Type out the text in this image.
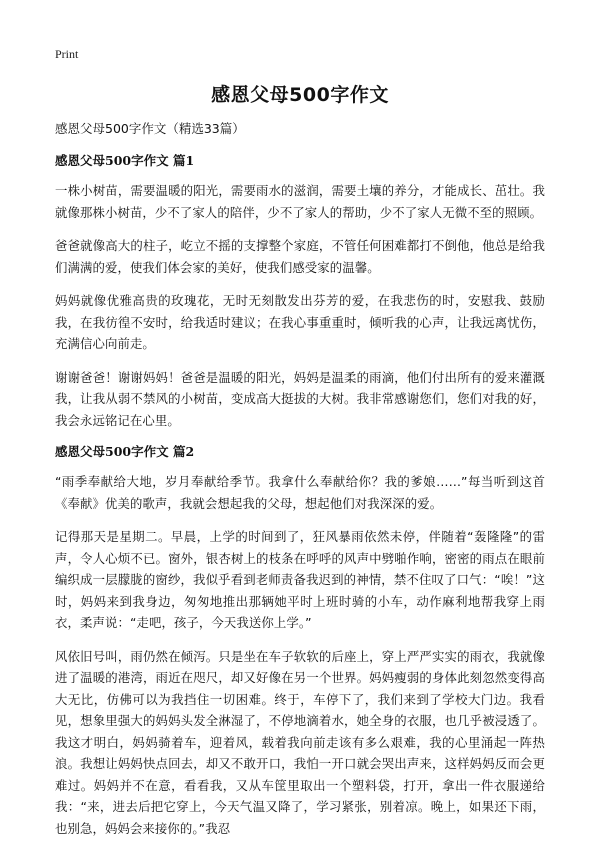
Print
感恩父母500字作文

感恩父母500字作文（精选33篇）

感恩父母500字作文 篇1

一株小树苗，需要温暖的阳光，需要雨水的滋润，需要土壤的养分，才能成长、茁壮。我就像那株小树苗，少不了家人的陪伴，少不了家人的帮助，少不了家人无微不至的照顾。

爸爸就像高大的柱子，屹立不摇的支撑整个家庭，不管任何困难都打不倒他，他总是给我们满满的爱，使我们体会家的美好，使我们感受家的温馨。

妈妈就像优雅高贵的玫瑰花，无时无刻散发出芬芳的爱，在我悲伤的时，安慰我、鼓励我，在我彷徨不安时，给我适时建议；在我心事重重时，倾听我的心声，让我远离忧伤，充满信心向前走。

谢谢爸爸！谢谢妈妈！爸爸是温暖的阳光，妈妈是温柔的雨滴，他们付出所有的爱来灌溉我，让我从弱不禁风的小树苗，变成高大挺拔的大树。我非常感谢您们，您们对我的好，我会永远铭记在心里。

感恩父母500字作文 篇2

“雨季奉献给大地，岁月奉献给季节。我拿什么奉献给你？我的爹娘……”每当听到这首《奉献》优美的歌声，我就会想起我的父母，想起他们对我深深的爱。

记得那天是星期二。早晨，上学的时间到了，狂风暴雨依然未停，伴随着“轰隆隆”的雷声，令人心烦不已。窗外，银杏树上的枝条在呼呼的风声中劈啪作响，密密的雨点在眼前编织成一层朦胧的窗纱，我似乎看到老师责备我迟到的神情，禁不住叹了口气：“唉！”这时，妈妈来到我身边，匆匆地推出那辆她平时上班时骑的小车，动作麻利地帮我穿上雨衣，柔声说：“走吧，孩子，今天我送你上学。”

风依旧号叫，雨仍然在倾泻。只是坐在车子软软的后座上，穿上严严实实的雨衣，我就像进了温暖的港湾，雨近在咫尺，却又好像在另一个世界。妈妈瘦弱的身体此刻忽然变得高大无比，仿佛可以为我挡住一切困难。终于，车停下了，我们来到了学校大门边。我看见，想象里强大的妈妈头发全淋湿了，不停地滴着水，她全身的衣服，也几乎被浸透了。我这才明白，妈妈骑着车，迎着风，载着我向前走该有多么艰难，我的心里涌起一阵热浪。我想让妈妈快点回去，却又不敢开口，我怕一开口就会哭出声来，这样妈妈反而会更难过。妈妈并不在意，看看我，又从车筐里取出一个塑料袋，打开，拿出一件衣服递给我：“来，进去后把它穿上，今天气温又降了，学习紧张，别着凉。晚上，如果还下雨，也别急，妈妈会来接你的。”我忍
